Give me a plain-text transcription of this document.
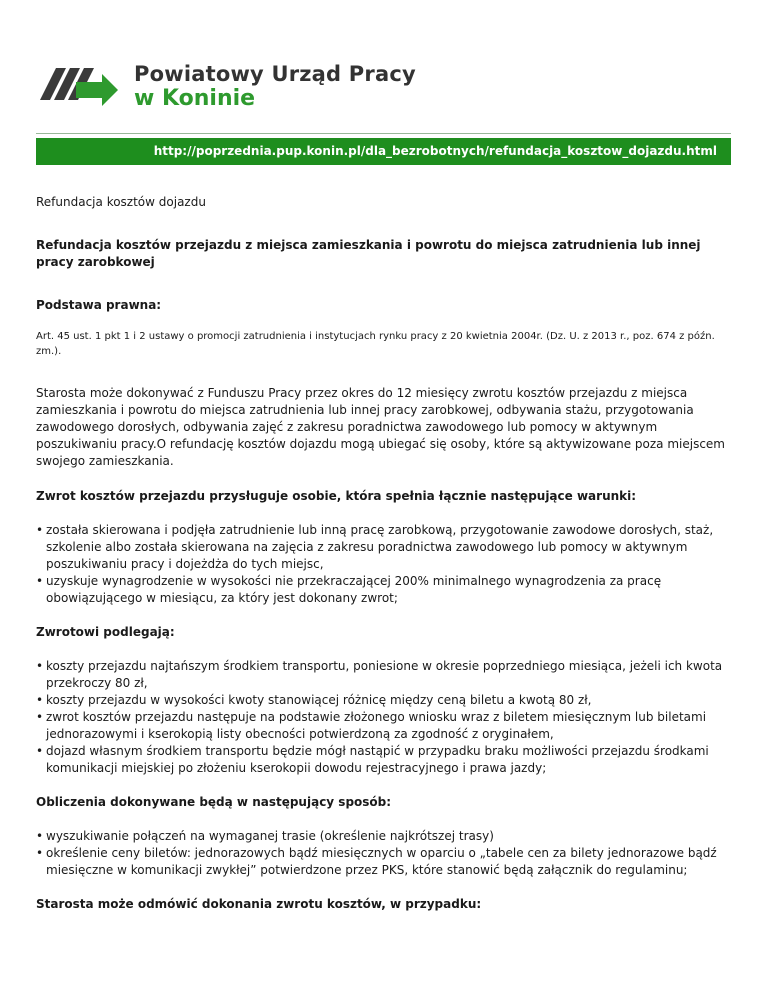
Powiatowy Urząd Pracy
w Koninie
http://poprzednia.pup.konin.pl/dla_bezrobotnych/refundacja_kosztow_dojazdu.html

Refundacja kosztów dojazdu

Refundacja kosztów przejazdu z miejsca zamieszkania i powrotu do miejsca zatrudnienia lub innej pracy zarobkowej

Podstawa prawna:

Art. 45 ust. 1 pkt 1 i 2 ustawy o promocji zatrudnienia i instytucjach rynku pracy z 20 kwietnia 2004r. (Dz. U. z 2013 r., poz. 674 z późn. zm.).

Starosta może dokonywać z Funduszu Pracy przez okres do 12 miesięcy zwrotu kosztów przejazdu z miejsca zamieszkania i powrotu do miejsca zatrudnienia lub innej pracy zarobkowej, odbywania stażu, przygotowania zawodowego dorosłych, odbywania zajęć z zakresu poradnictwa zawodowego lub pomocy w aktywnym poszukiwaniu pracy.O refundację kosztów dojazdu mogą ubiegać się osoby, które są aktywizowane poza miejscem swojego zamieszkania.

Zwrot kosztów przejazdu przysługuje osobie, która spełnia łącznie następujące warunki:

• została skierowana i podjęła zatrudnienie lub inną pracę zarobkową, przygotowanie zawodowe dorosłych, staż, szkolenie albo została skierowana na zajęcia z zakresu poradnictwa zawodowego lub pomocy w aktywnym poszukiwaniu pracy i dojeżdża do tych miejsc,
• uzyskuje wynagrodzenie w wysokości nie przekraczającej 200% minimalnego wynagrodzenia za pracę obowiązującego w miesiącu, za który jest dokonany zwrot;

Zwrotowi podlegają:

• koszty przejazdu najtańszym środkiem transportu, poniesione w okresie poprzedniego miesiąca, jeżeli ich kwota przekroczy 80 zł,
• koszty przejazdu w wysokości kwoty stanowiącej różnicę między ceną biletu a kwotą 80 zł,
• zwrot kosztów przejazdu następuje na podstawie złożonego wniosku wraz z biletem miesięcznym lub biletami jednorazowymi i kserokopią listy obecności potwierdzoną za zgodność z oryginałem,
• dojazd własnym środkiem transportu będzie mógł nastąpić w przypadku braku możliwości przejazdu środkami komunikacji miejskiej po złożeniu kserokopii dowodu rejestracyjnego i prawa jazdy;

Obliczenia dokonywane będą w następujący sposób:

• wyszukiwanie połączeń na wymaganej trasie (określenie najkrótszej trasy)
• określenie ceny biletów: jednorazowych bądź miesięcznych w oparciu o „tabele cen za bilety jednorazowe bądź miesięczne w komunikacji zwykłej” potwierdzone przez PKS, które stanowić będą załącznik do regulaminu;

Starosta może odmówić dokonania zwrotu kosztów, w przypadku:
